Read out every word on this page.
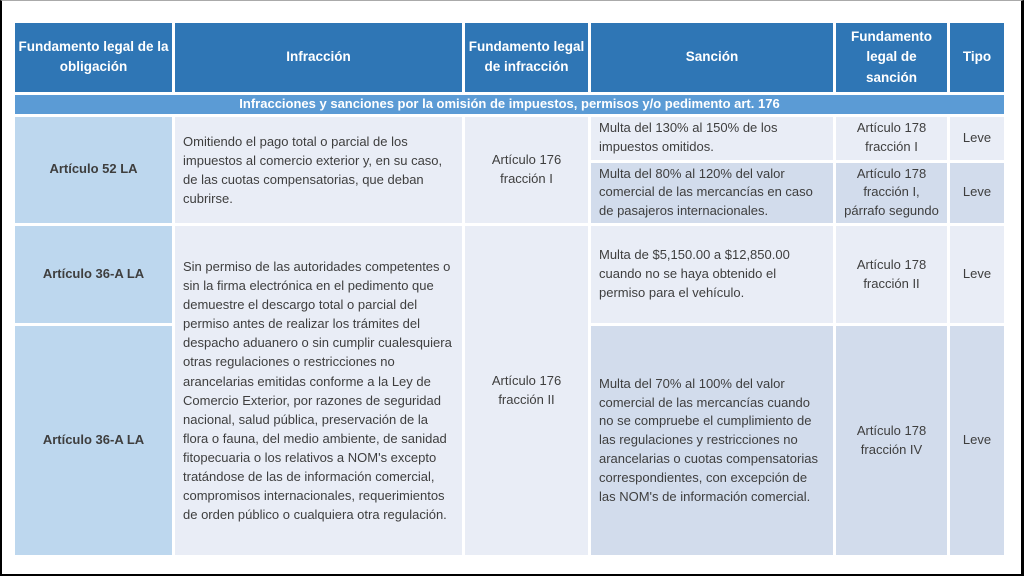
Fundamento legal de la obligación	Infracción	Fundamento legal de infracción	Sanción	Fundamento legal de sanción	Tipo
Infracciones y sanciones por la omisión de impuestos, permisos y/o pedimento art. 176					
Artículo 52 LA	Omitiendo el pago total o parcial de los impuestos al comercio exterior y, en su caso, de las cuotas compensatorias, que deban cubrirse.	Artículo 176 fracción I	Multa del 130% al 150% de los impuestos omitidos.	Artículo 178 fracción I	Leve
			Multa del 80% al 120% del valor comercial de las mercancías en caso de pasajeros internacionales.	Artículo 178 fracción I, párrafo segundo	Leve
Artículo 36-A LA	Sin permiso de las autoridades competentes o sin la firma electrónica en el pedimento que demuestre el descargo total o parcial del permiso antes de realizar los trámites del despacho aduanero o sin cumplir cualesquiera otras regulaciones o restricciones no arancelarias emitidas conforme a la Ley de Comercio Exterior, por razones de seguridad nacional, salud pública, preservación de la flora o fauna, del medio ambiente, de sanidad fitopecuaria o los relativos a NOM's excepto tratándose de las de información comercial, compromisos internacionales, requerimientos de orden público o cualquiera otra regulación.	Artículo 176 fracción II	Multa de $5,150.00 a $12,850.00 cuando no se haya obtenido el permiso para el vehículo.	Artículo 178 fracción II	Leve
Artículo 36-A LA			Multa del 70% al 100% del valor comercial de las mercancías cuando no se compruebe el cumplimiento de las regulaciones y restricciones no arancelarias o cuotas compensatorias correspondientes, con excepción de las NOM's de información comercial.	Artículo 178 fracción IV	Leve
